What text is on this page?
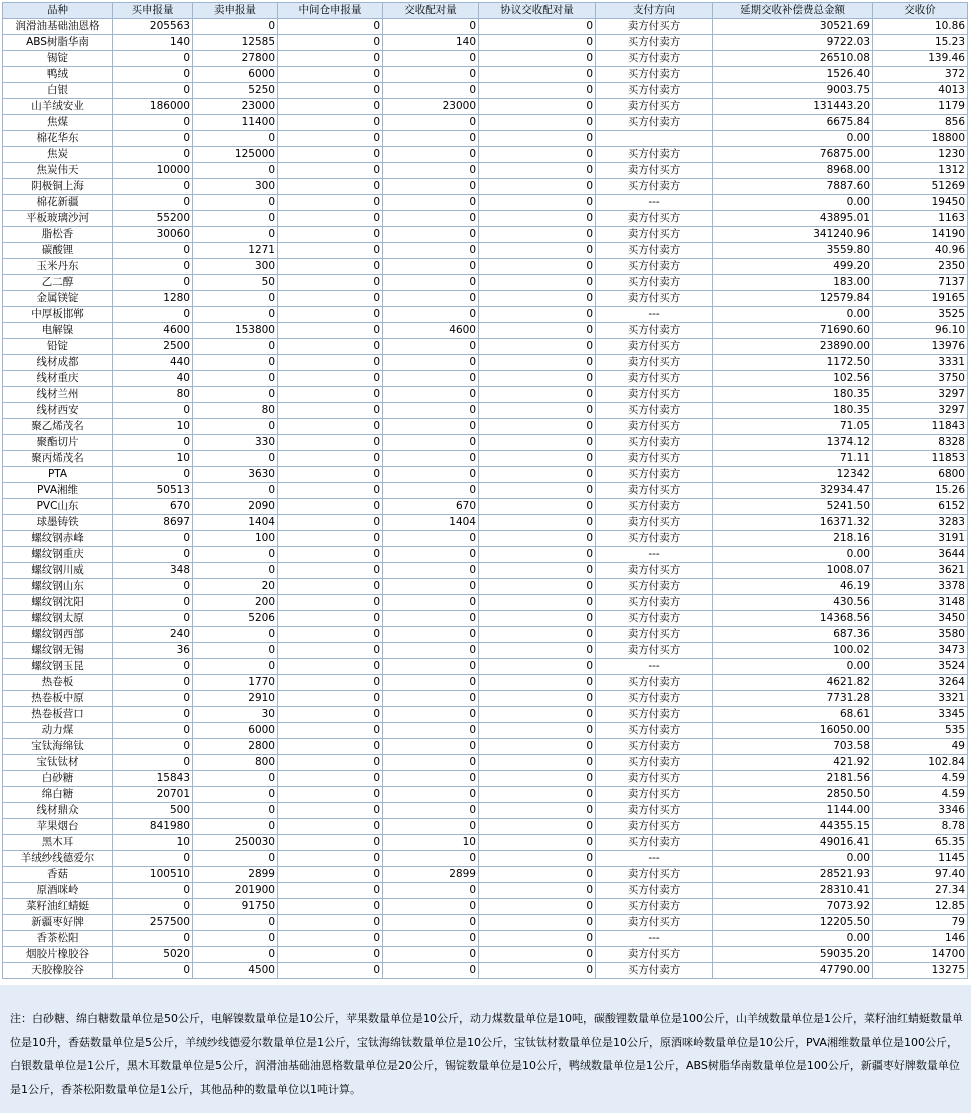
品种	买申报量	卖申报量	中间仓申报量	交收配对量	协议交收配对量	支付方向	延期交收补偿费总金额	交收价
润滑油基础油恩格	205563	0	0	0	0	卖方付买方	30521.69	10.86
ABS树脂华南	140	12585	0	140	0	买方付卖方	9722.03	15.23
锡锭	0	27800	0	0	0	买方付卖方	26510.08	139.46
鸭绒	0	6000	0	0	0	买方付卖方	1526.40	372
白银	0	5250	0	0	0	买方付卖方	9003.75	4013
山羊绒安业	186000	23000	0	23000	0	卖方付买方	131443.20	1179
焦煤	0	11400	0	0	0	买方付卖方	6675.84	856
棉花华东	0	0	0	0	0		0.00	18800
焦炭	0	125000	0	0	0	买方付卖方	76875.00	1230
焦炭伟天	10000	0	0	0	0	卖方付买方	8968.00	1312
阴极铜上海	0	300	0	0	0	买方付卖方	7887.60	51269
棉花新疆	0	0	0	0	0	---	0.00	19450
平板玻璃沙河	55200	0	0	0	0	卖方付买方	43895.01	1163
脂松香	30060	0	0	0	0	卖方付买方	341240.96	14190
碳酸锂	0	1271	0	0	0	买方付卖方	3559.80	40.96
玉米丹东	0	300	0	0	0	买方付卖方	499.20	2350
乙二醇	0	50	0	0	0	买方付卖方	183.00	7137
金属镁锭	1280	0	0	0	0	卖方付买方	12579.84	19165
中厚板邯郸	0	0	0	0	0	---	0.00	3525
电解镍	4600	153800	0	4600	0	买方付卖方	71690.60	96.10
铅锭	2500	0	0	0	0	卖方付买方	23890.00	13976
线材成都	440	0	0	0	0	卖方付买方	1172.50	3331
线材重庆	40	0	0	0	0	卖方付买方	102.56	3750
线材兰州	80	0	0	0	0	卖方付买方	180.35	3297
线材西安	0	80	0	0	0	买方付卖方	180.35	3297
聚乙烯茂名	10	0	0	0	0	卖方付买方	71.05	11843
聚酯切片	0	330	0	0	0	买方付卖方	1374.12	8328
聚丙烯茂名	10	0	0	0	0	卖方付买方	71.11	11853
PTA	0	3630	0	0	0	买方付卖方	12342	6800
PVA湘维	50513	0	0	0	0	卖方付买方	32934.47	15.26
PVC山东	670	2090	0	670	0	买方付卖方	5241.50	6152
球墨铸铁	8697	1404	0	1404	0	卖方付买方	16371.32	3283
螺纹钢赤峰	0	100	0	0	0	买方付卖方	218.16	3191
螺纹钢重庆	0	0	0	0	0	---	0.00	3644
螺纹钢川威	348	0	0	0	0	卖方付买方	1008.07	3621
螺纹钢山东	0	20	0	0	0	买方付卖方	46.19	3378
螺纹钢沈阳	0	200	0	0	0	买方付卖方	430.56	3148
螺纹钢太原	0	5206	0	0	0	买方付卖方	14368.56	3450
螺纹钢西部	240	0	0	0	0	卖方付买方	687.36	3580
螺纹钢无锡	36	0	0	0	0	卖方付买方	100.02	3473
螺纹钢玉昆	0	0	0	0	0	---	0.00	3524
热卷板	0	1770	0	0	0	买方付卖方	4621.82	3264
热卷板中原	0	2910	0	0	0	买方付卖方	7731.28	3321
热卷板营口	0	30	0	0	0	买方付卖方	68.61	3345
动力煤	0	6000	0	0	0	买方付卖方	16050.00	535
宝钛海绵钛	0	2800	0	0	0	买方付卖方	703.58	49
宝钛钛材	0	800	0	0	0	买方付卖方	421.92	102.84
白砂糖	15843	0	0	0	0	卖方付买方	2181.56	4.59
绵白糖	20701	0	0	0	0	卖方付买方	2850.50	4.59
线材鼎众	500	0	0	0	0	卖方付买方	1144.00	3346
苹果烟台	841980	0	0	0	0	卖方付买方	44355.15	8.78
黑木耳	10	250030	0	10	0	买方付卖方	49016.41	65.35
羊绒纱线德爱尔	0	0	0	0	0	---	0.00	1145
香菇	100510	2899	0	2899	0	卖方付买方	28521.93	97.40
原酒咪岭	0	201900	0	0	0	买方付卖方	28310.41	27.34
菜籽油红蜻蜓	0	91750	0	0	0	买方付卖方	7073.92	12.85
新疆枣好牌	257500	0	0	0	0	卖方付买方	12205.50	79
香茶松阳	0	0	0	0	0	---	0.00	146
烟胶片橡胶谷	5020	0	0	0	0	卖方付买方	59035.20	14700
天胶橡胶谷	0	4500	0	0	0	买方付卖方	47790.00	13275
注：白砂糖、绵白糖数量单位是50公斤，电解镍数量单位是10公斤，苹果数量单位是10公斤，动力煤数量单位是10吨，碳酸锂数量单位是100公斤，山羊绒数量单位是1公斤，菜籽油红蜻蜓数量单位是10升，香菇数量单位是5公斤，羊绒纱线德爱尔数量单位是1公斤，宝钛海绵钛数量单位是10公斤，宝钛钛材数量单位是10公斤，原酒咪岭数量单位是10公斤，PVA湘维数量单位是100公斤，白银数量单位是1公斤，黑木耳数量单位是5公斤，润滑油基础油恩格数量单位是20公斤，锡锭数量单位是10公斤，鸭绒数量单位是1公斤，ABS树脂华南数量单位是100公斤，新疆枣好牌数量单位是1公斤，香茶松阳数量单位是1公斤，其他品种的数量单位以1吨计算。
